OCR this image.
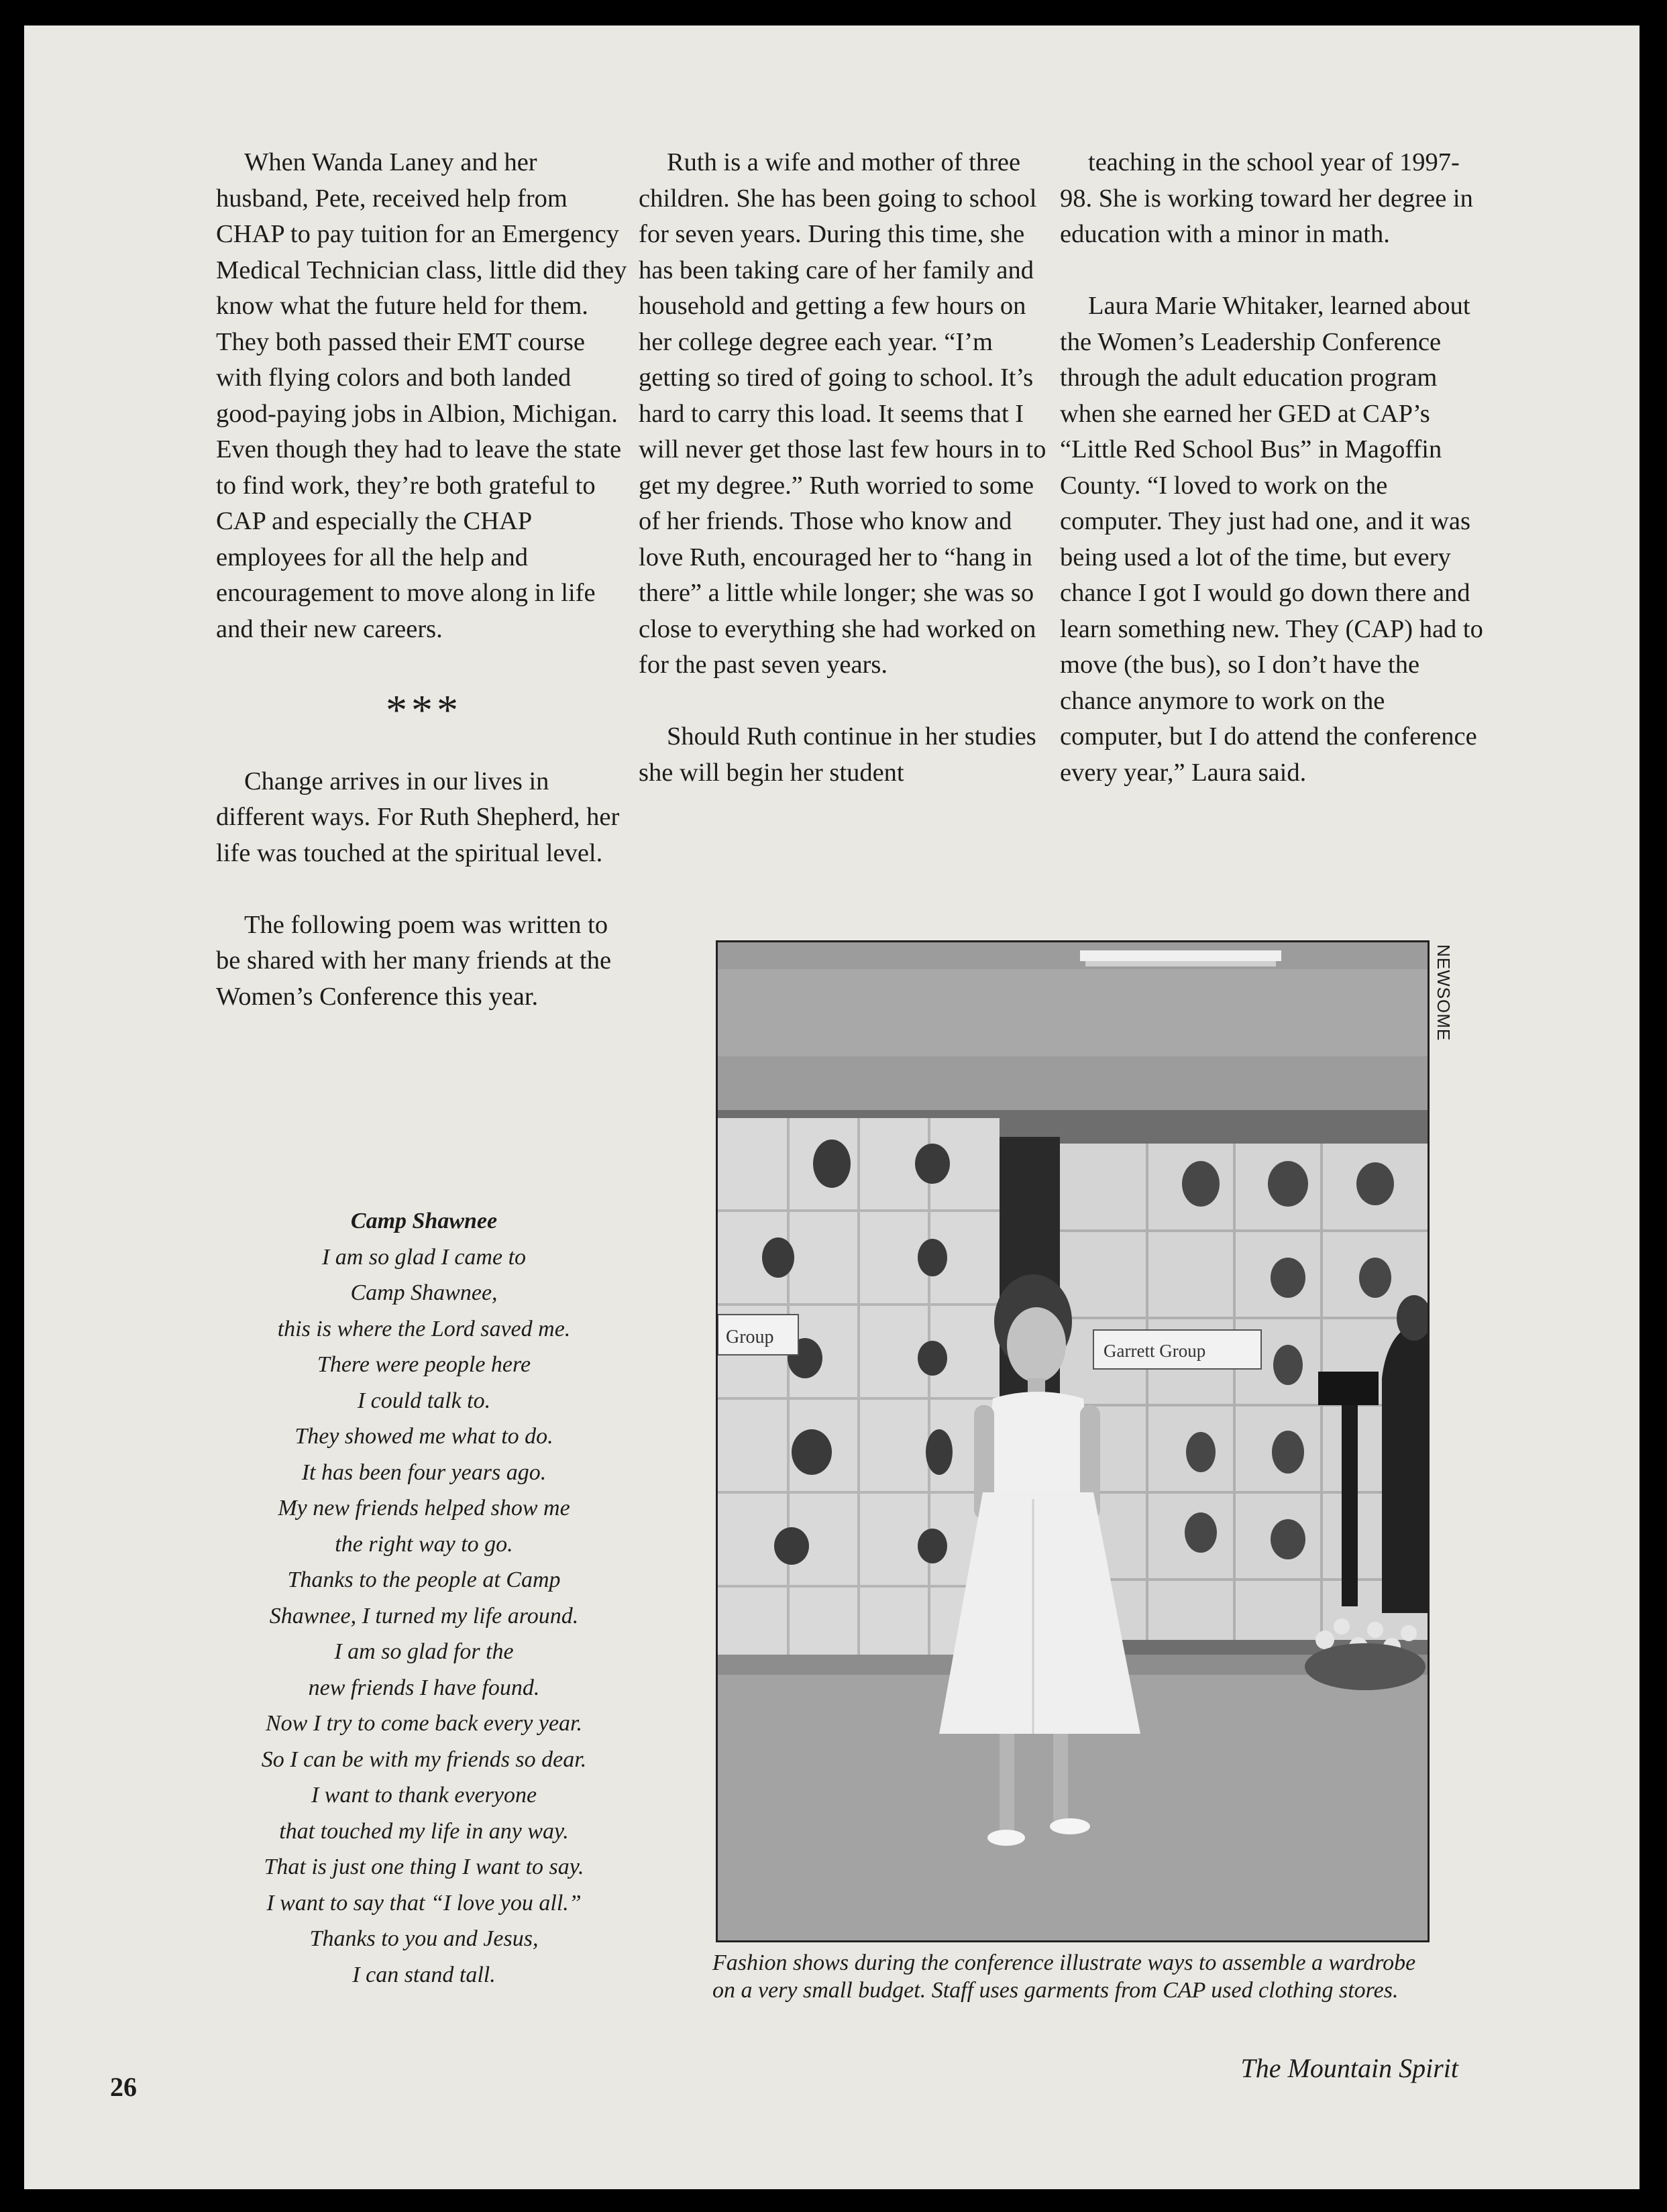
When Wanda Laney and her husband, Pete, received help from CHAP to pay tuition for an Emergency Medical Technician class, little did they know what the future held for them. They both passed their EMT course with flying colors and both landed good-paying jobs in Albion, Michigan. Even though they had to leave the state to find work, they’re both grateful to CAP and especially the CHAP employees for all the help and encouragement to move along in life and their new careers.

***

Change arrives in our lives in different ways. For Ruth Shepherd, her life was touched at the spiritual level.

The following poem was written to be shared with her many friends at the Women’s Conference this year.

Camp Shawnee
I am so glad I came to
Camp Shawnee,
this is where the Lord saved me.
There were people here
I could talk to.
They showed me what to do.
It has been four years ago.
My new friends helped show me
the right way to go.
Thanks to the people at Camp
Shawnee, I turned my life around.
I am so glad for the
new friends I have found.
Now I try to come back every year.
So I can be with my friends so dear.
I want to thank everyone
that touched my life in any way.
That is just one thing I want to say.
I want to say that “I love you all.”
Thanks to you and Jesus,
I can stand tall.

Ruth is a wife and mother of three children. She has been going to school for seven years. During this time, she has been taking care of her family and household and getting a few hours on her college degree each year. “I’m getting so tired of going to school. It’s hard to carry this load. It seems that I will never get those last few hours in to get my degree.” Ruth worried to some of her friends. Those who know and love Ruth, encouraged her to “hang in there” a little while longer; she was so close to everything she had worked on for the past seven years.

Should Ruth continue in her studies she will begin her student

teaching in the school year of 1997-98. She is working toward her degree in education with a minor in math.

Laura Marie Whitaker, learned about the Women’s Leadership Conference through the adult education program when she earned her GED at CAP’s “Little Red School Bus” in Magoffin County. “I loved to work on the computer. They just had one, and it was being used a lot of the time, but every chance I got I would go down there and learn something new. They (CAP) had to move (the bus), so I don’t have the chance anymore to work on the computer, but I do attend the conference every year,” Laura said.

Group
Garrett Group
NEWSOME
Fashion shows during the conference illustrate ways to assemble a wardrobe on a very small budget. Staff uses garments from CAP used clothing stores.
26
The Mountain Spirit
